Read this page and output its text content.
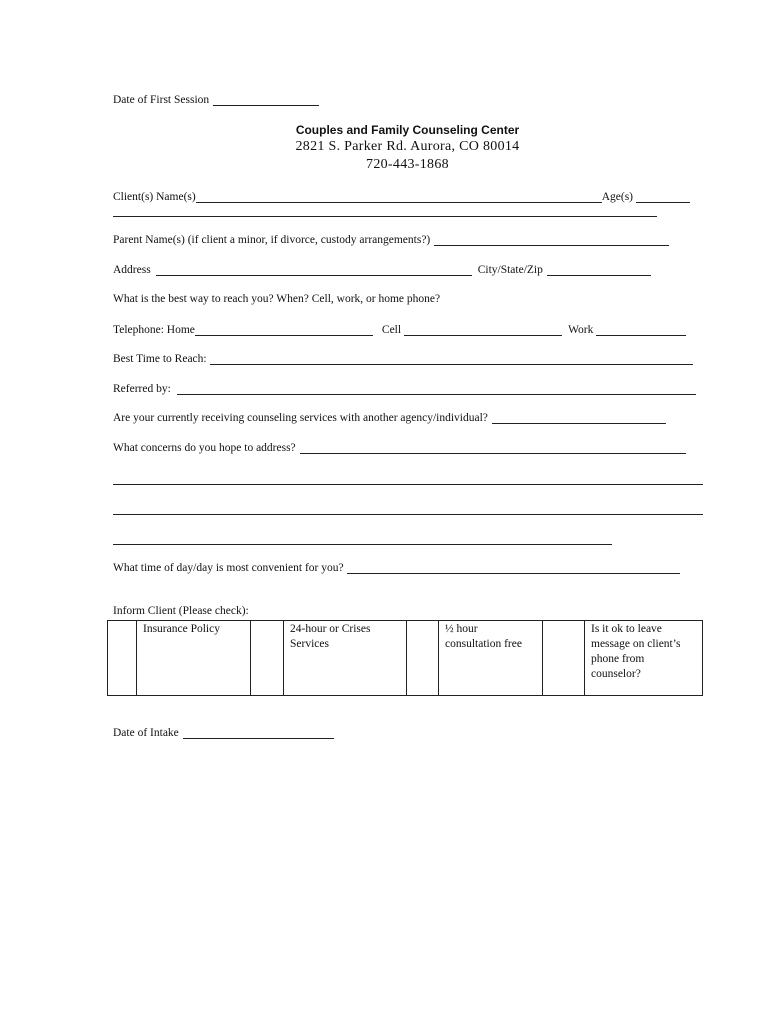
Date of First Session
Couples and Family Counseling Center
2821 S. Parker Rd. Aurora, CO 80014
720-443-1868
Client(s) Name(s)	Age(s)
Parent Name(s) (if client a minor, if divorce, custody arrangements?)
Address	City/State/Zip
What is the best way to reach you? When? Cell, work, or home phone?
Telephone: Home	Cell	Work
Best Time to Reach:
Referred by:
Are your currently receiving counseling services with another agency/individual?
What concerns do you hope to address?
What time of day/day is most convenient for you?
Inform Client (Please check):
	Insurance Policy		24-hour or Crises Services		½ hour consultation free		Is it ok to leave message on client’s phone from counselor?
Date of Intake
